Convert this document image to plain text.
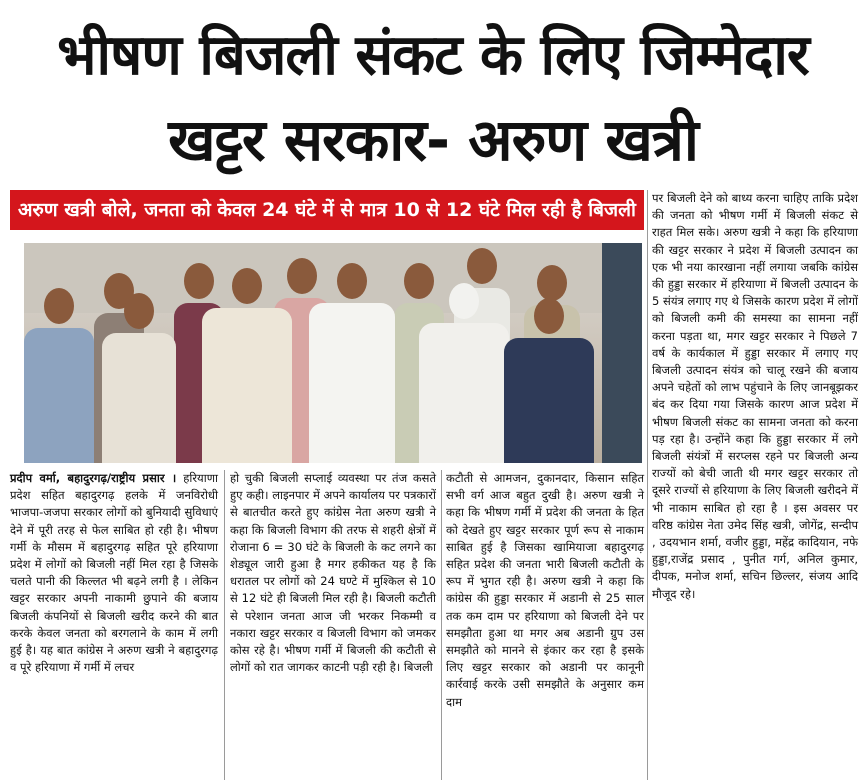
भीषण बिजली संकट के लिए जिम्मेदार
खट्टर सरकार- अरुण खत्री
अरुण खत्री बोले, जनता को केवल 24 घंटे में से मात्र 10 से 12 घंटे मिल रही है बिजली

प्रदीप वर्मा, बहादुरगढ़/राष्ट्रीय प्रसार । हरियाणा प्रदेश सहित बहादुरगढ़ हलके में जनविरोधी भाजपा-जजपा सरकार लोगों को बुनियादी सुविधाएं देने में पूरी तरह से फेल साबित हो रही है। भीषण गर्मी के मौसम में बहादुरगढ़ सहित पूरे हरियाणा प्रदेश में लोगों को बिजली नहीं मिल रहा है जिसके चलते पानी की किल्लत भी बढ़ने लगी है । लेकिन खट्टर सरकार अपनी नाकामी छुपाने की बजाय बिजली कंपनियों से बिजली खरीद करने की बात करके केवल जनता को बरगलाने के काम में लगी हुई है। यह बात कांग्रेस ने अरुण खत्री ने बहादुरगढ़ व पूरे हरियाणा में गर्मी में लचर

हो चुकी बिजली सप्लाई व्यवस्था पर तंज कसते हुए कही। लाइनपार में अपने कार्यालय पर पत्रकारों से बातचीत करते हुए कांग्रेस नेता अरुण खत्री ने कहा कि बिजली विभाग की तरफ से शहरी क्षेत्रों में रोजाना 6 = 30 घंटे के बिजली के कट लगने का शेड्यूल जारी हुआ है मगर हकीकत यह है कि धरातल पर लोगों को 24 घण्टे में मुश्किल से 10 से 12 घंटे ही बिजली मिल रही है। बिजली कटौती से परेशान जनता आज जी भरकर निकम्मी व नकारा खट्टर सरकार व बिजली विभाग को जमकर कोस रहे है। भीषण गर्मी में बिजली की कटौती से लोगों को रात जागकर काटनी पड़ी रही है। बिजली

कटौती से आमजन, दुकानदार, किसान सहित सभी वर्ग आज बहुत दुखी है। अरुण खत्री ने कहा कि भीषण गर्मी में प्रदेश की जनता के हित को देखते हुए खट्टर सरकार पूर्ण रूप से नाकाम साबित हुई है जिसका खामियाजा बहादुरगढ़ सहित प्रदेश की जनता भारी बिजली कटौती के रूप में भुगत रही है। अरुण खत्री ने कहा कि कांग्रेस की हुड्डा सरकार में अडानी से 25 साल तक कम दाम पर हरियाणा को बिजली देने पर समझौता हुआ था मगर अब अडानी ग्रुप उस समझौते को मानने से इंकार कर रहा है इसके लिए खट्टर सरकार को अडानी पर कानूनी कार्रवाई करके उसी समझौते के अनुसार कम दाम

पर बिजली देने को बाध्य करना चाहिए ताकि प्रदेश की जनता को भीषण गर्मी में बिजली संकट से राहत मिल सके। अरुण खत्री ने कहा कि हरियाणा की खट्टर सरकार ने प्रदेश में बिजली उत्पादन का एक भी नया कारखाना नहीं लगाया जबकि कांग्रेस की हुड्डा सरकार में हरियाणा में बिजली उत्पादन के 5 संयंत्र लगाए गए थे जिसके कारण प्रदेश में लोगों को बिजली कमी की समस्या का सामना नहीं करना पड़ता था, मगर खट्टर सरकार ने पिछले 7 वर्ष के कार्यकाल में हुड्डा सरकार में लगाए गए बिजली उत्पादन संयंत्र को चालू रखने की बजाय अपने चहेतों को लाभ पहुंचाने के लिए जानबूझकर बंद कर दिया गया जिसके कारण आज प्रदेश में भीषण बिजली संकट का सामना जनता को करना पड़ रहा है। उन्होंने कहा कि हुड्डा सरकार में लगे बिजली संयंत्रों में सरप्लस रहने पर बिजली अन्य राज्यों को बेची जाती थी मगर खट्टर सरकार तो दूसरे राज्यों से हरियाणा के लिए बिजली खरीदने में भी नाकाम साबित हो रहा है । इस अवसर पर वरिष्ठ कांग्रेस नेता उमेद सिंह खत्री, जोगेंद्र, सन्दीप , उदयभान शर्मा, वजीर हुड्डा, महेंद्र कादियान, नफे हुड्डा,राजेंद्र प्रसाद , पुनीत गर्ग, अनिल कुमार, दीपक, मनोज शर्मा, सचिन छिल्लर, संजय आदि मौजूद रहे।
